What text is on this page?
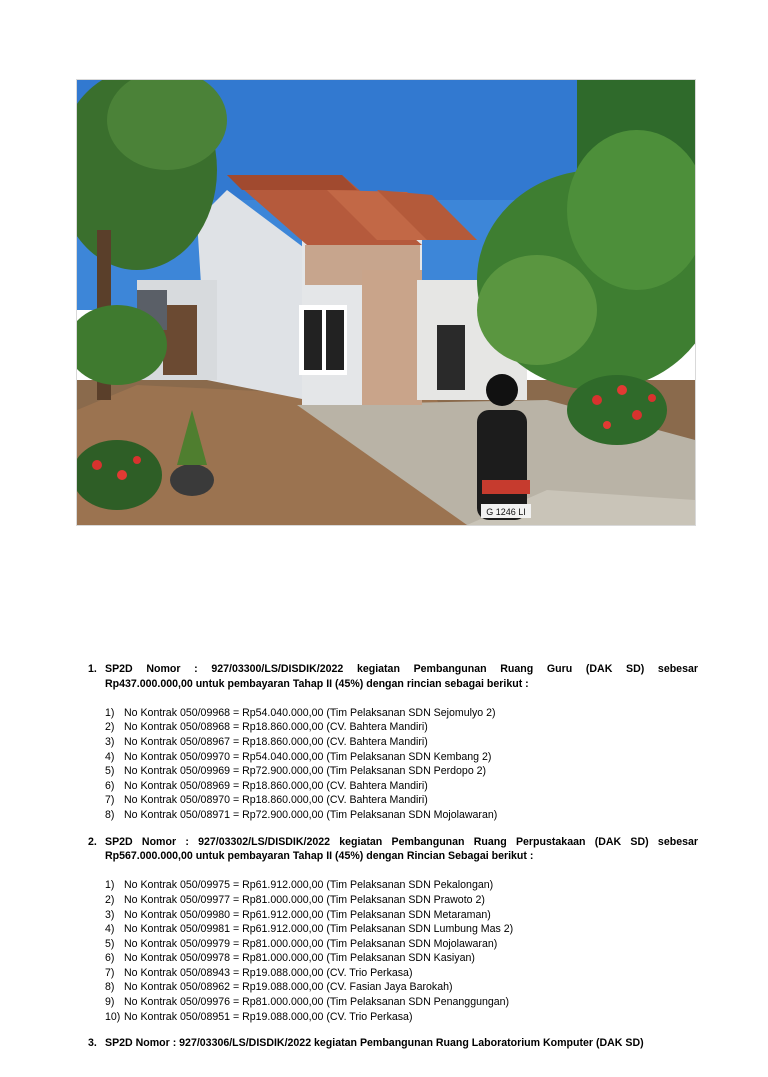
G 1246 LI
1. SP2D Nomor : 927/03300/LS/DISDIK/2022 kegiatan Pembangunan Ruang Guru (DAK SD) sebesar
Rp437.000.000,00 untuk pembayaran Tahap II (45%) dengan rincian sebagai berikut :
1) No Kontrak 050/09968 = Rp54.040.000,00 (Tim Pelaksanan SDN Sejomulyo 2)
2) No Kontrak 050/08968 = Rp18.860.000,00 (CV. Bahtera Mandiri)
3) No Kontrak 050/08967 = Rp18.860.000,00 (CV. Bahtera Mandiri)
4) No Kontrak 050/09970 = Rp54.040.000,00 (Tim Pelaksanan SDN Kembang 2)
5) No Kontrak 050/09969 = Rp72.900.000,00 (Tim Pelaksanan SDN Perdopo 2)
6) No Kontrak 050/08969 = Rp18.860.000,00 (CV. Bahtera Mandiri)
7) No Kontrak 050/08970 = Rp18.860.000,00 (CV. Bahtera Mandiri)
8) No Kontrak 050/08971 = Rp72.900.000,00 (Tim Pelaksanan SDN Mojolawaran)
2. SP2D Nomor : 927/03302/LS/DISDIK/2022 kegiatan Pembangunan Ruang Perpustakaan (DAK SD) sebesar
Rp567.000.000,00 untuk pembayaran Tahap II (45%) dengan Rincian Sebagai berikut :
1) No Kontrak 050/09975 = Rp61.912.000,00 (Tim Pelaksanan SDN Pekalongan)
2) No Kontrak 050/09977 = Rp81.000.000,00 (Tim Pelaksanan SDN Prawoto 2)
3) No Kontrak 050/09980 = Rp61.912.000,00 (Tim Pelaksanan SDN Metaraman)
4) No Kontrak 050/09981 = Rp61.912.000,00 (Tim Pelaksanan SDN Lumbung Mas 2)
5) No Kontrak 050/09979 = Rp81.000.000,00 (Tim Pelaksanan SDN Mojolawaran)
6) No Kontrak 050/09978 = Rp81.000.000,00 (Tim Pelaksanan SDN Kasiyan)
7) No Kontrak 050/08943 = Rp19.088.000,00 (CV. Trio Perkasa)
8) No Kontrak 050/08962 = Rp19.088.000,00 (CV. Fasian Jaya Barokah)
9) No Kontrak 050/09976 = Rp81.000.000,00 (Tim Pelaksanan SDN Penanggungan)
10) No Kontrak 050/08951 = Rp19.088.000,00 (CV. Trio Perkasa)
3. SP2D Nomor : 927/03306/LS/DISDIK/2022 kegiatan Pembangunan Ruang Laboratorium Komputer (DAK SD)
